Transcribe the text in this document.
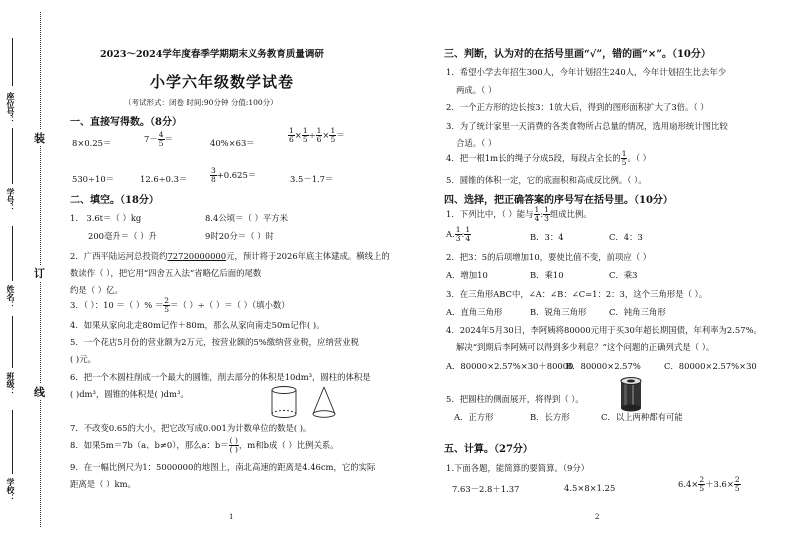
座位号：
学号：
姓名：
班级：
学校：
装
订
线
2023～2024学年度春季学期期末义务教育质量调研
小学六年级数学试卷
（考试形式：闭卷 时间:90分钟 分值:100分）
一、直接写得数。（8分）
8×0.25＝	$7- \frac{4}{5}$ ＝	40%×63＝	$\frac{1}{6} \times \frac{1}{5} \div \frac{1}{6} \times \frac{1}{5}$ ＝
530÷10＝	12.6÷0.3＝	$\frac{3}{8} +0.625=$	3.5－1.7＝
二、填空。（18分）
1． 3.6t＝（ ）kg	8.4公顷＝（ ）平方米
200毫升＝（ ）升	9时20分＝（ ）时
2．广西平陆运河总投资约72720000000元，预计将于2026年底主体建成。横线上的
数读作（ ），把它用“四舍五入法”省略亿后面的尾数
约是（ ）亿。
3．（ ）：10 ＝（ ）% ＝ $\frac{2}{5}$ ＝（ ）÷（ ）＝（ ）（填小数）
4．如果从家向北走80m记作＋80m，那么从家向南走50m记作( )。
5．一个花店5月份的营业额为2万元，按营业额的5%缴纳营业税，应纳营业税
( )元。
6．把一个木圆柱削成一个最大的圆锥，削去部分的体积是10dm³，圆柱的体积是
( )dm³，圆锥的体积是( )dm³。
7．不改变0.65的大小，把它改写成0.001为计数单位的数是( )。
8．如果5m＝7b（a、b≠0），那么a：$b= \frac{( )}{( )}$ ，m和b成（ ）比例关系。
9．在一幅比例尺为1：5000000的地图上，南北高速的距离是4.46cm，它的实际
距离是（ ）km。
1
三、判断，认为对的在括号里画“√”，错的画“×”。（10分）
1．希望小学去年招生300人，今年计划招生240人，今年计划招生比去年少
两成。（ ）
2．一个正方形的边长按3：1放大后，得到的图形面积扩大了3倍。（ ）
3．为了统计家里一天消费的各类食物所占总量的情况，选用扇形统计图比较
合适。（ ）
4．把一根1m长的绳子分成5段，每段占全长的 $\frac{1}{5}$ 。（ ）
5．圆锥的体积一定，它的底面积和高成反比例。（ ）。
四、选择，把正确答案的序号写在括号里。（10分）
1．下列比中，（ ）能与 $\frac{1}{4}$ : $\frac{1}{3}$ 组成比例。
A. $\frac{1}{3}$ : $\frac{1}{4}$	B．3：4	C．4：3
2．把3：5的后项增加10，要使比值不变，前项应（ ）
A．增加10	B．乘10	C．乘3
3．在三角形ABC中，∠A：∠B：∠C=1：2：3，这个三角形是（ ）。
A．直角三角形	B．锐角三角形	C．钝角三角形
4．2024年5月30日，李阿姨将80000元用于买30年超长期国债，年利率为2.57%。
解决“到期后李阿姨可以得到多少利息？”这个问题的正确列式是（ ）。
A．80000×2.57%×30＋80000
B．80000×2.57%	C．80000×2.57%×30
5．把圆柱的侧面展开，将得到（ ）。
A．正方形	B．长方形	C．以上两种都有可能
五、计算。（27分）
1.下面各题，能简算的要简算。（9分）
7.63－2.8＋1.37	4.5×8×1.25	$6.4\times \frac{2}{5} +3.6\times \frac{2}{5}$
2
